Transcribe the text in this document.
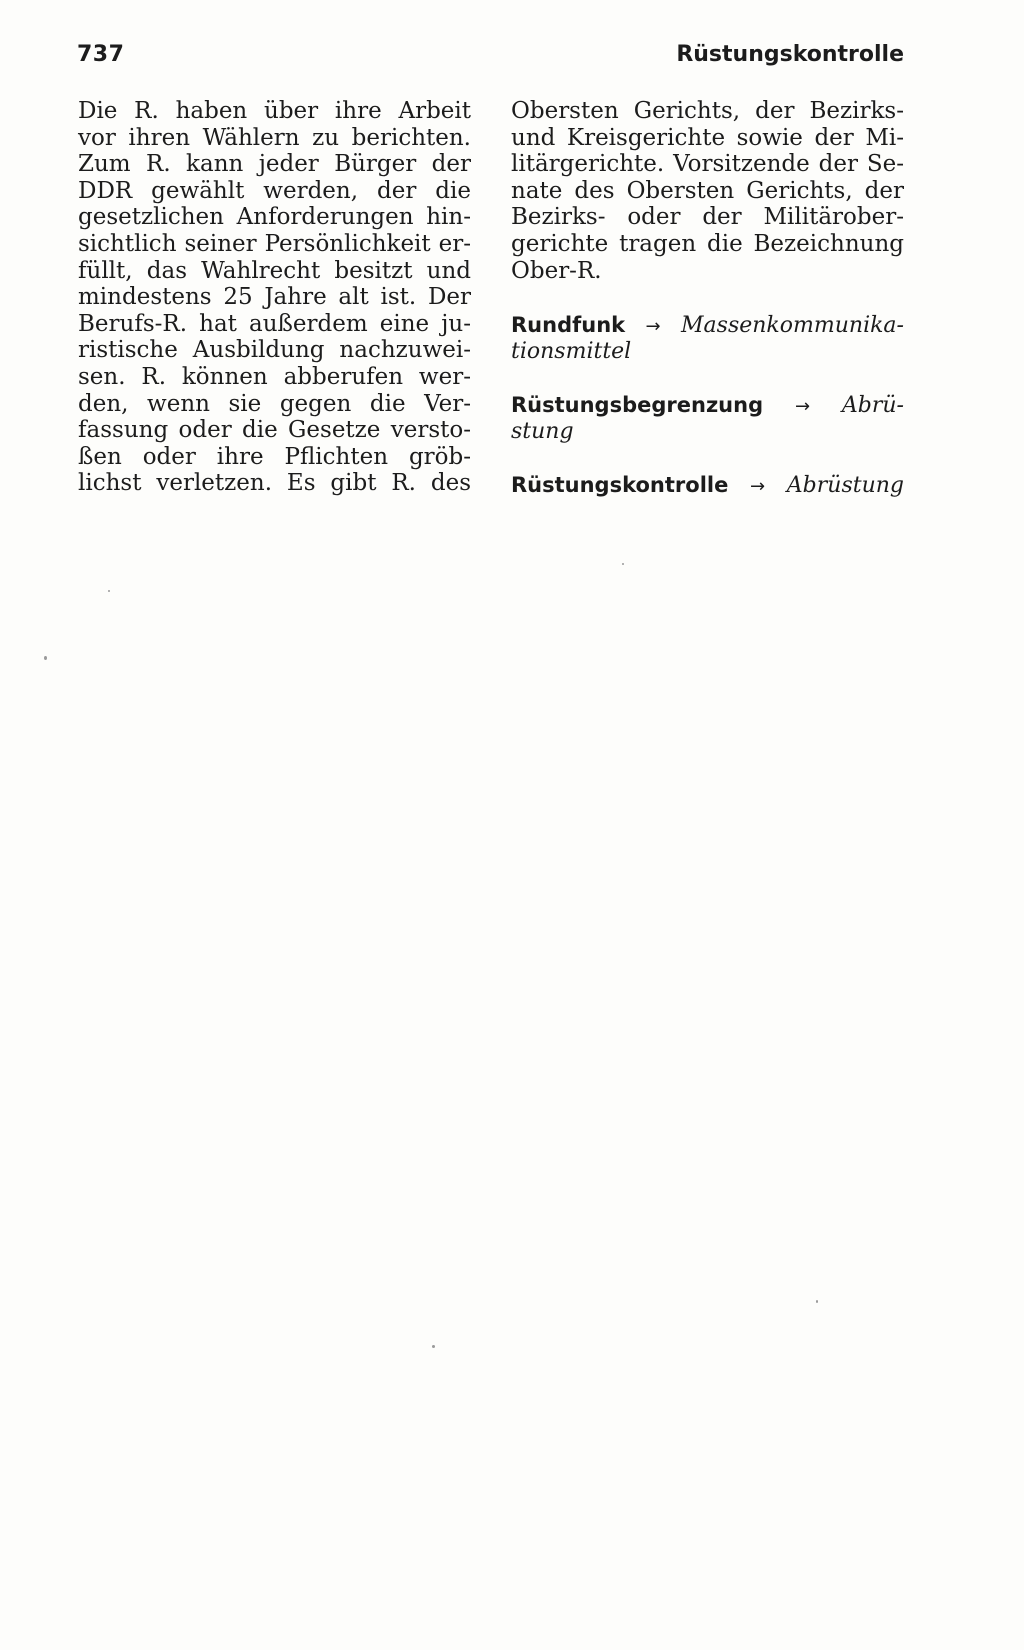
737	Rüstungskontrolle
Die R. haben über ihre Arbeit
vor ihren Wählern zu berichten.
Zum R. kann jeder Bürger der
DDR gewählt werden, der die
gesetzlichen Anforderungen hin-
sichtlich seiner Persönlichkeit er-
füllt, das Wahlrecht besitzt und
mindestens 25 Jahre alt ist. Der
Berufs-R. hat außerdem eine ju-
ristische Ausbildung nachzuwei-
sen. R. können abberufen wer-
den, wenn sie gegen die Ver-
fassung oder die Gesetze versto-
ßen oder ihre Pflichten gröb-
lichst verletzen. Es gibt R. des
Obersten Gerichts, der Bezirks-
und Kreisgerichte sowie der Mi-
litärgerichte. Vorsitzende der Se-
nate des Obersten Gerichts, der
Bezirks- oder der Militärober-
gerichte tragen die Bezeichnung
Ober-R.
Rundfunk → Massenkommunika-
tionsmittel
Rüstungsbegrenzung → Abrü-
stung
Rüstungskontrolle → Abrüstung
